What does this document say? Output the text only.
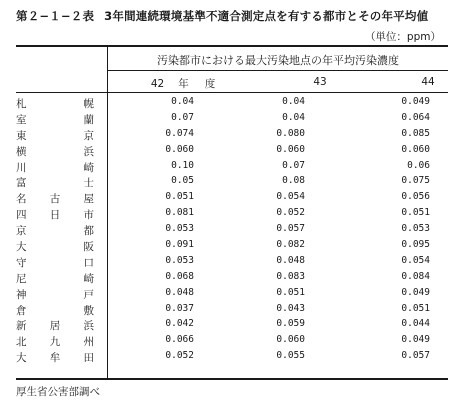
第２−１−２表 3年間連続環境基準不適合測定点を有する都市とその年平均値
（単位：ppm）
汚染都市における最大汚染地点の年平均汚染濃度
42 年 度	43	44
札	幌	0.04	0.04	0.049
室	蘭	0.07	0.04	0.064
東	京	0.074	0.080	0.085
横	浜	0.060	0.060	0.060
川	崎	0.10	0.07	0.06
富	士	0.05	0.08	0.075
名 古 屋	0.051	0.054	0.056
四 日 市	0.081	0.052	0.051
京	都	0.053	0.057	0.053
大	阪	0.091	0.082	0.095
守	口	0.053	0.048	0.054
尼	崎	0.068	0.083	0.084
神	戸	0.048	0.051	0.049
倉	敷	0.037	0.043	0.051
新 居 浜	0.042	0.059	0.044
北 九 州	0.066	0.060	0.049
大 牟 田	0.052	0.055	0.057
厚生省公害部調べ
